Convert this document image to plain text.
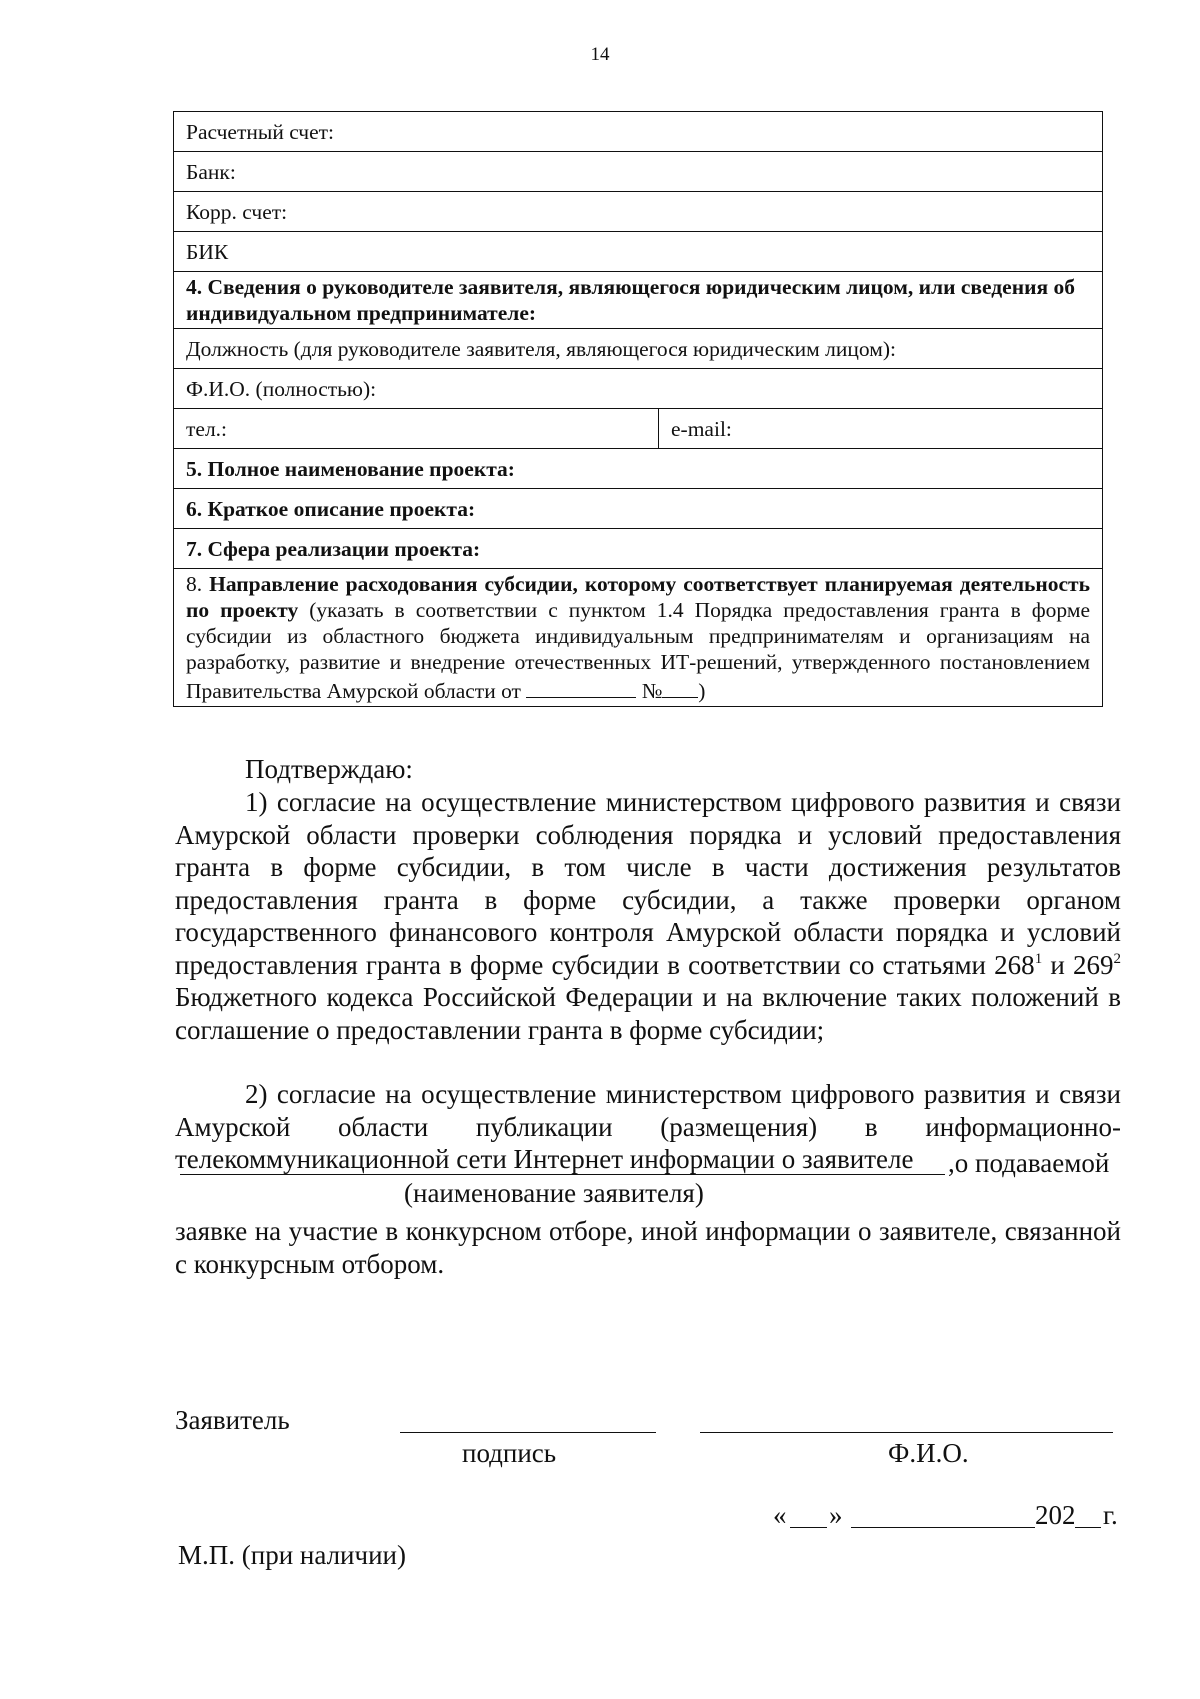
14
Расчетный счет:
Банк:
Корр. счет:
БИК
4. Сведения о руководителе заявителя, являющегося юридическим лицом, или сведения об индивидуальном предпринимателе:
Должность (для руководителе заявителя, являющегося юридическим лицом):
Ф.И.О. (полностью):
тел.:	e-mail:
5. Полное наименование проекта:
6. Краткое описание проекта:
7. Сфера реализации проекта:
8. Направление расходования субсидии, которому соответствует планируемая деятельность по проекту (указать в соответствии с пунктом 1.4 Порядка предоставления гранта в форме субсидии из областного бюджета индивидуальным предпринимателям и организациям на разработку, развитие и внедрение отечественных ИТ-решений, утвержденного постановлением Правительства Амурской области от	№ )
Подтверждаю:
1) согласие на осуществление министерством цифрового развития и связи Амурской области проверки соблюдения порядка и условий предоставления гранта в форме субсидии, в том числе в части достижения результатов предоставления гранта в форме субсидии, а также проверки органом государственного финансового контроля Амурской области порядка и условий предоставления гранта в форме субсидии в соответствии со статьями $268^1$ и $269^2$ Бюджетного кодекса Российской Федерации и на включение таких положений в соглашение о предоставлении гранта в форме субсидии;
2) согласие на осуществление министерством цифрового развития и связи Амурской области публикации (размещения) в информационно-телекоммуникационной сети Интернет информации о заявителе	,о подаваемой
(наименование заявителя)
заявке на участие в конкурсном отборе, иной информации о заявителе, связанной с конкурсным отбором.
Заявитель
подпись	Ф.И.О.
« »	202 г.
М.П. (при наличии)
